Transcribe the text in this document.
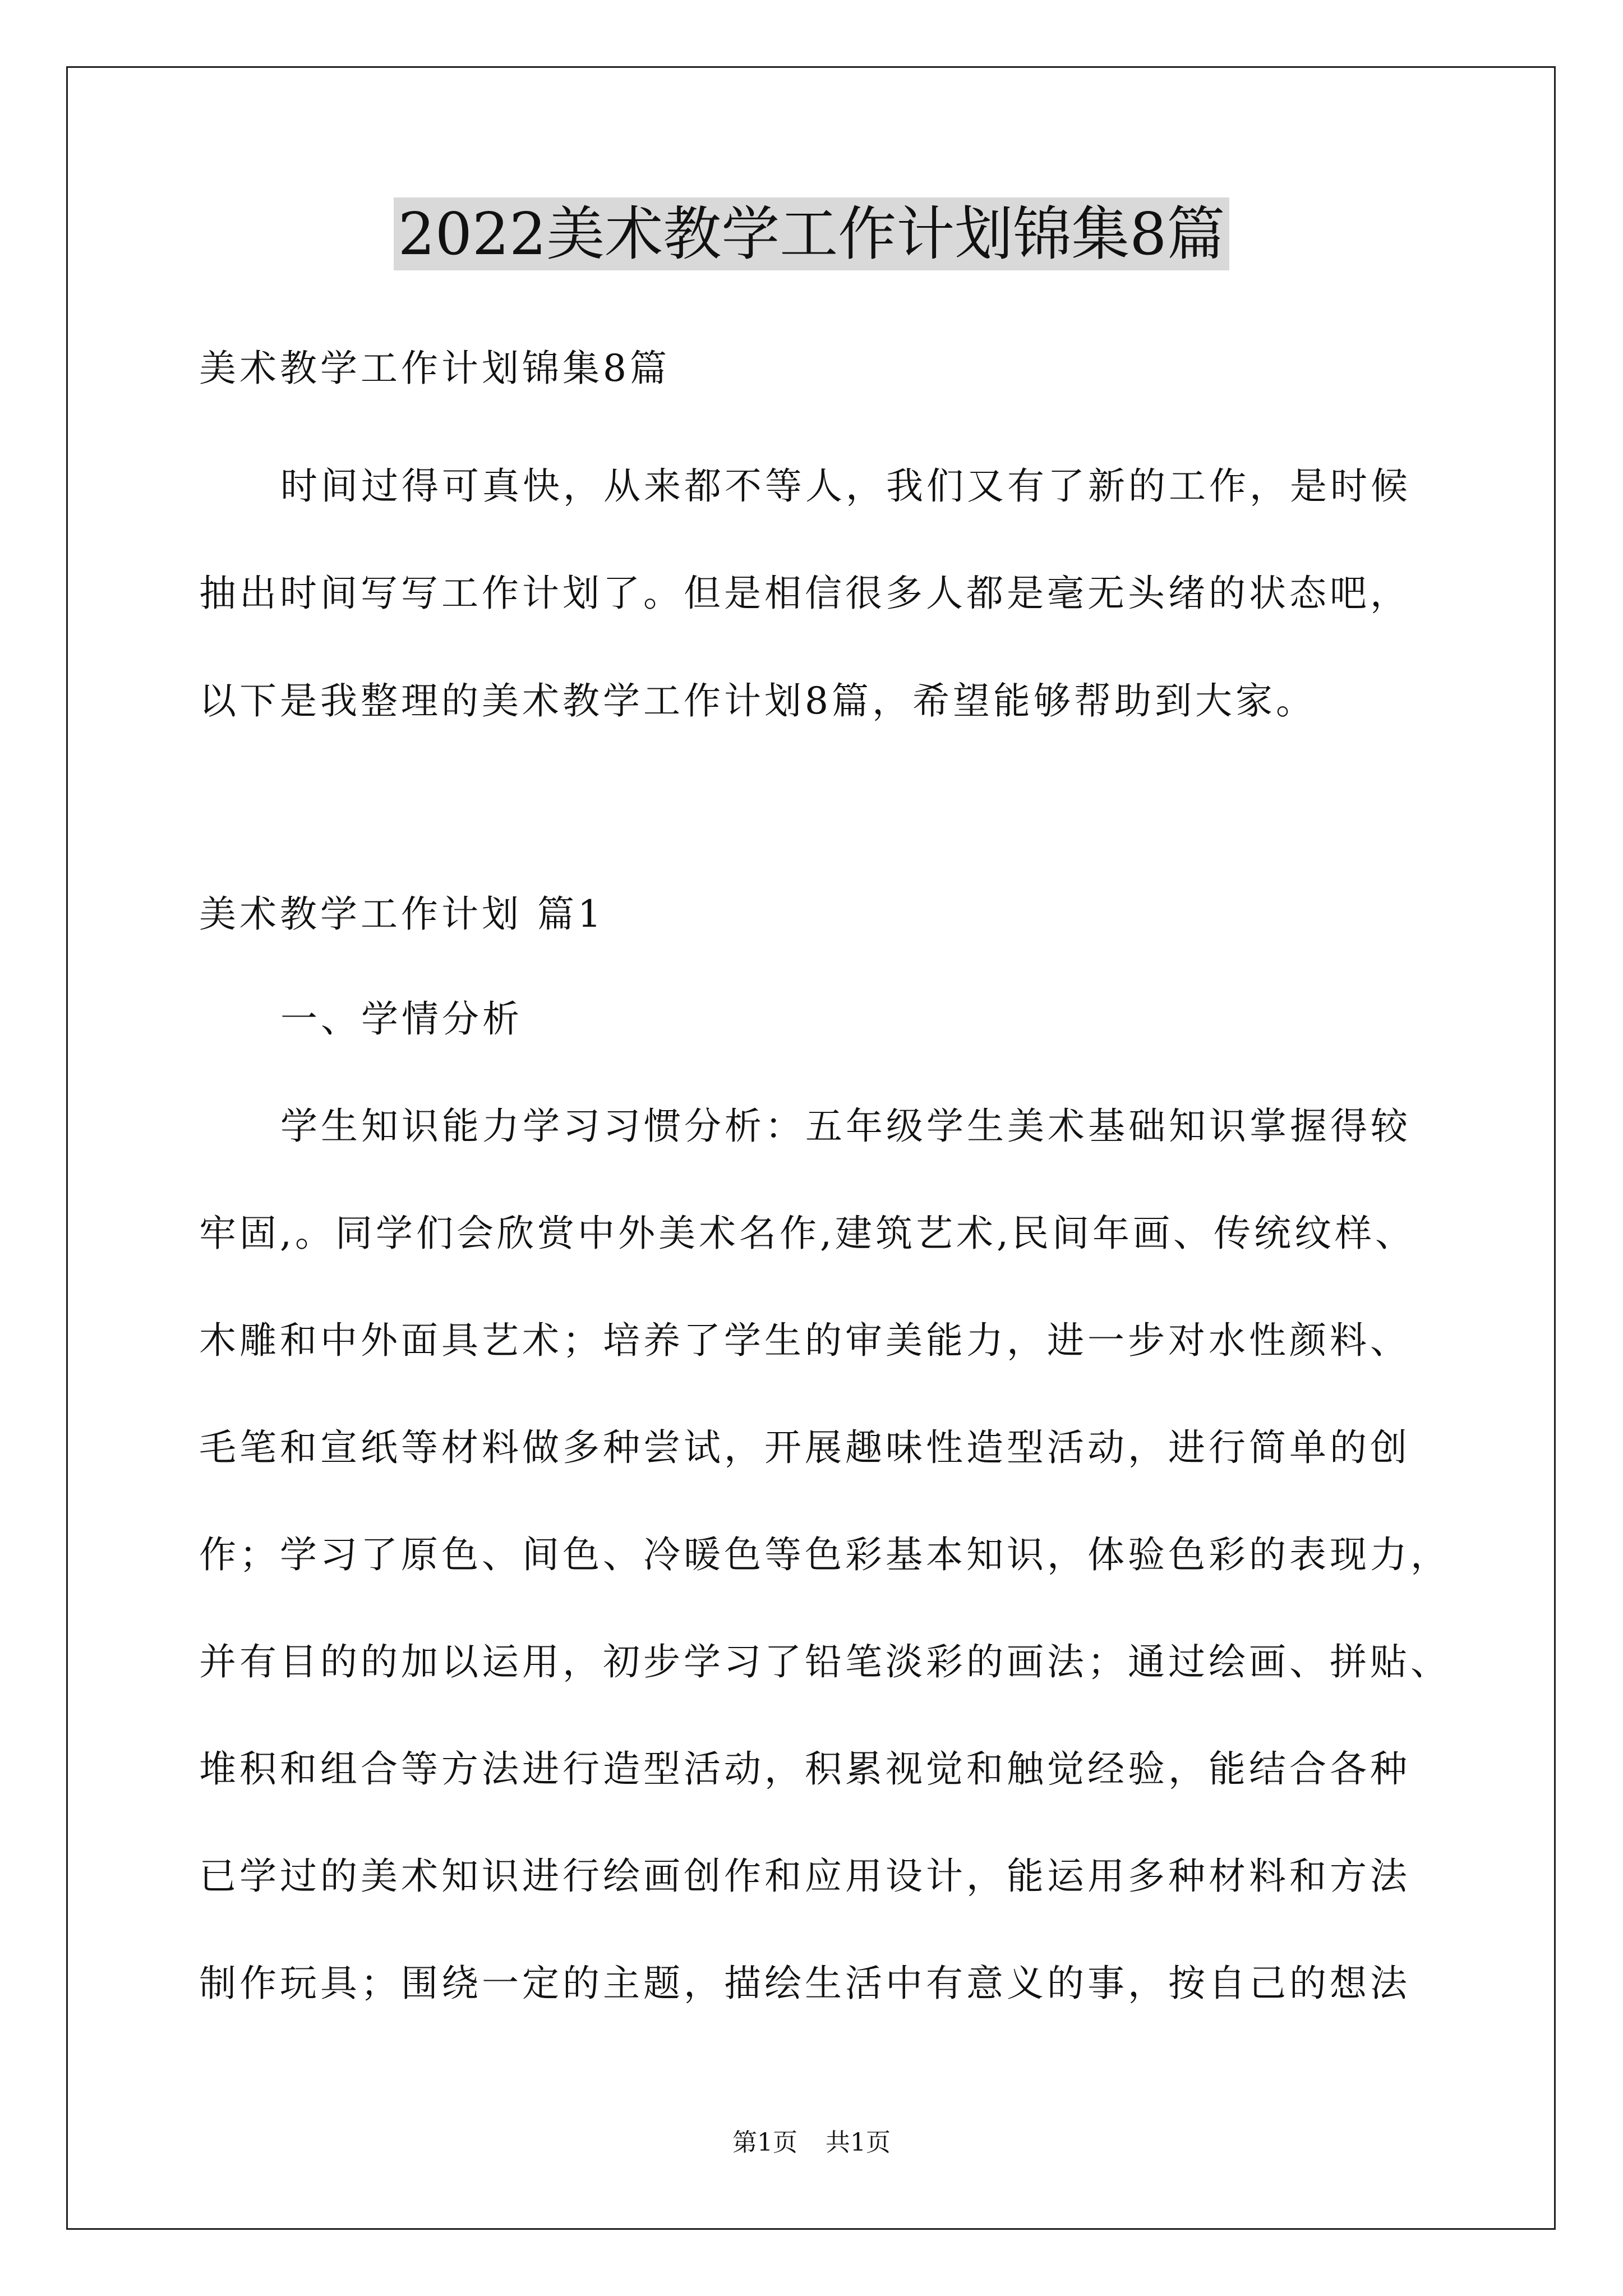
2022美术教学工作计划锦集8篇
美术教学工作计划锦集8篇
时间过得可真快，从来都不等人，我们又有了新的工作，是时候
抽出时间写写工作计划了。但是相信很多人都是毫无头绪的状态吧，
以下是我整理的美术教学工作计划8篇，希望能够帮助到大家。
美术教学工作计划 篇1
一、学情分析
学生知识能力学习习惯分析：五年级学生美术基础知识掌握得较
牢固,。同学们会欣赏中外美术名作,建筑艺术,民间年画、传统纹样、
木雕和中外面具艺术；培养了学生的审美能力，进一步对水性颜料、
毛笔和宣纸等材料做多种尝试，开展趣味性造型活动，进行简单的创
作；学习了原色、间色、冷暖色等色彩基本知识，体验色彩的表现力，
并有目的的加以运用，初步学习了铅笔淡彩的画法；通过绘画、拼贴、
堆积和组合等方法进行造型活动，积累视觉和触觉经验，能结合各种
已学过的美术知识进行绘画创作和应用设计，能运用多种材料和方法
制作玩具；围绕一定的主题，描绘生活中有意义的事，按自己的想法
第1页 共1页
